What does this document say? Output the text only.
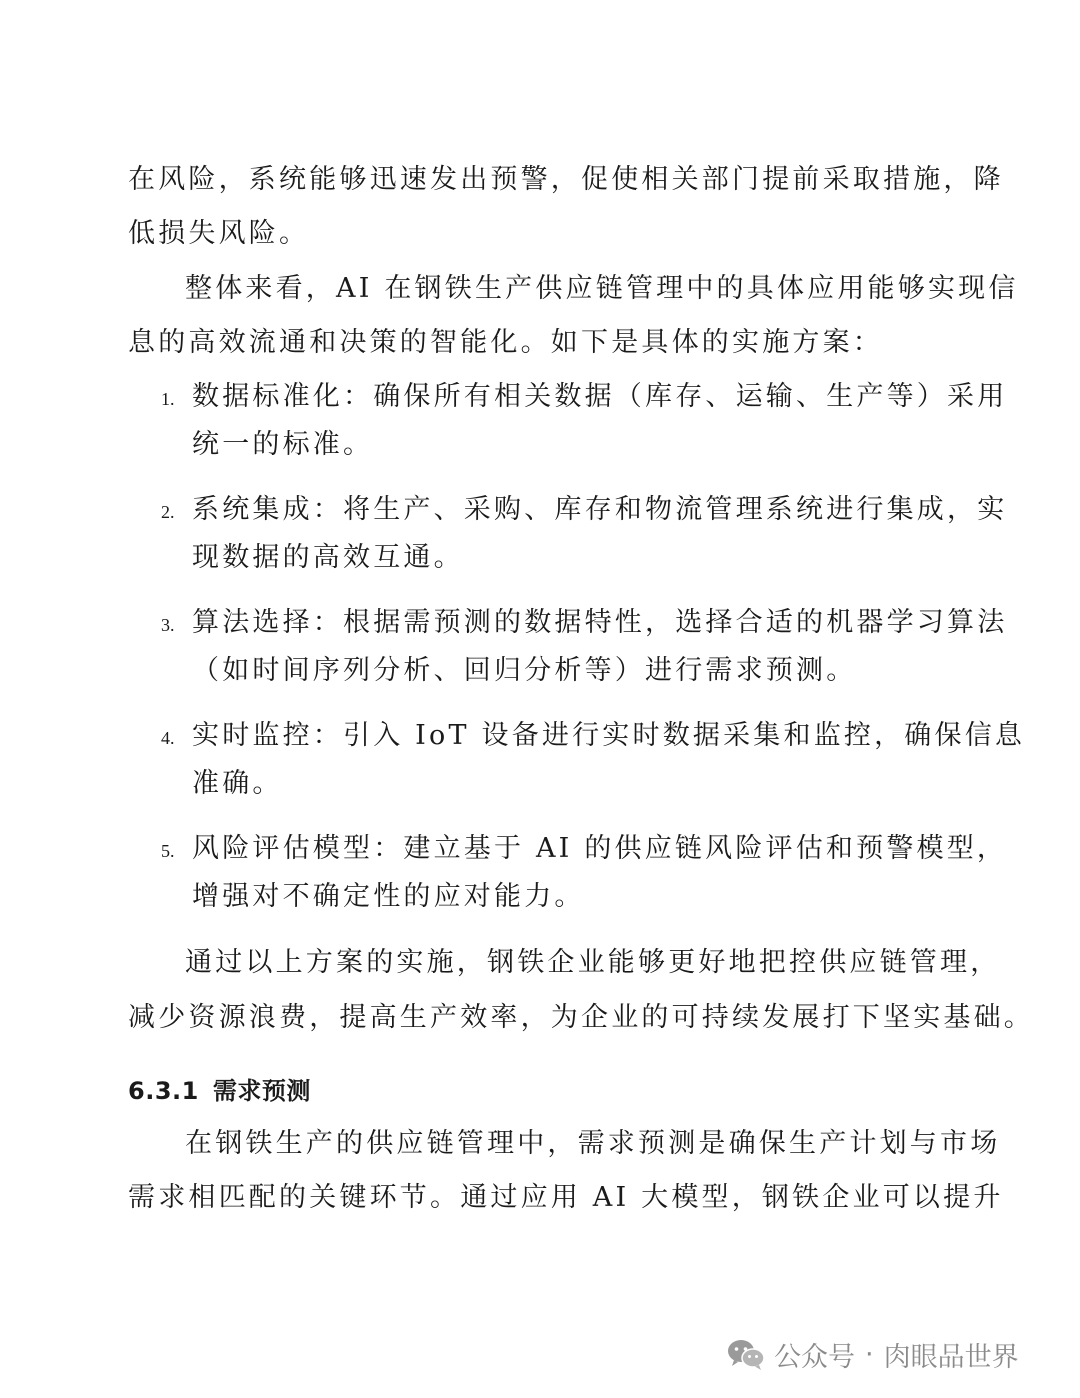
在风险，系统能够迅速发出预警，促使相关部门提前采取措施，降
低损失风险。
整体来看，AI 在钢铁生产供应链管理中的具体应用能够实现信
息的高效流通和决策的智能化。如下是具体的实施方案：
1. 数据标准化：确保所有相关数据（库存、运输、生产等）采用
统一的标准。
2. 系统集成：将生产、采购、库存和物流管理系统进行集成，实
现数据的高效互通。
3. 算法选择：根据需预测的数据特性，选择合适的机器学习算法
（如时间序列分析、回归分析等）进行需求预测。
4. 实时监控：引入 IoT 设备进行实时数据采集和监控，确保信息
准确。
5. 风险评估模型：建立基于 AI 的供应链风险评估和预警模型，
增强对不确定性的应对能力。
通过以上方案的实施，钢铁企业能够更好地把控供应链管理，
减少资源浪费，提高生产效率，为企业的可持续发展打下坚实基础。
6.3.1 需求预测
在钢铁生产的供应链管理中，需求预测是确保生产计划与市场
需求相匹配的关键环节。通过应用 AI 大模型，钢铁企业可以提升
公众号 · 肉眼品世界
